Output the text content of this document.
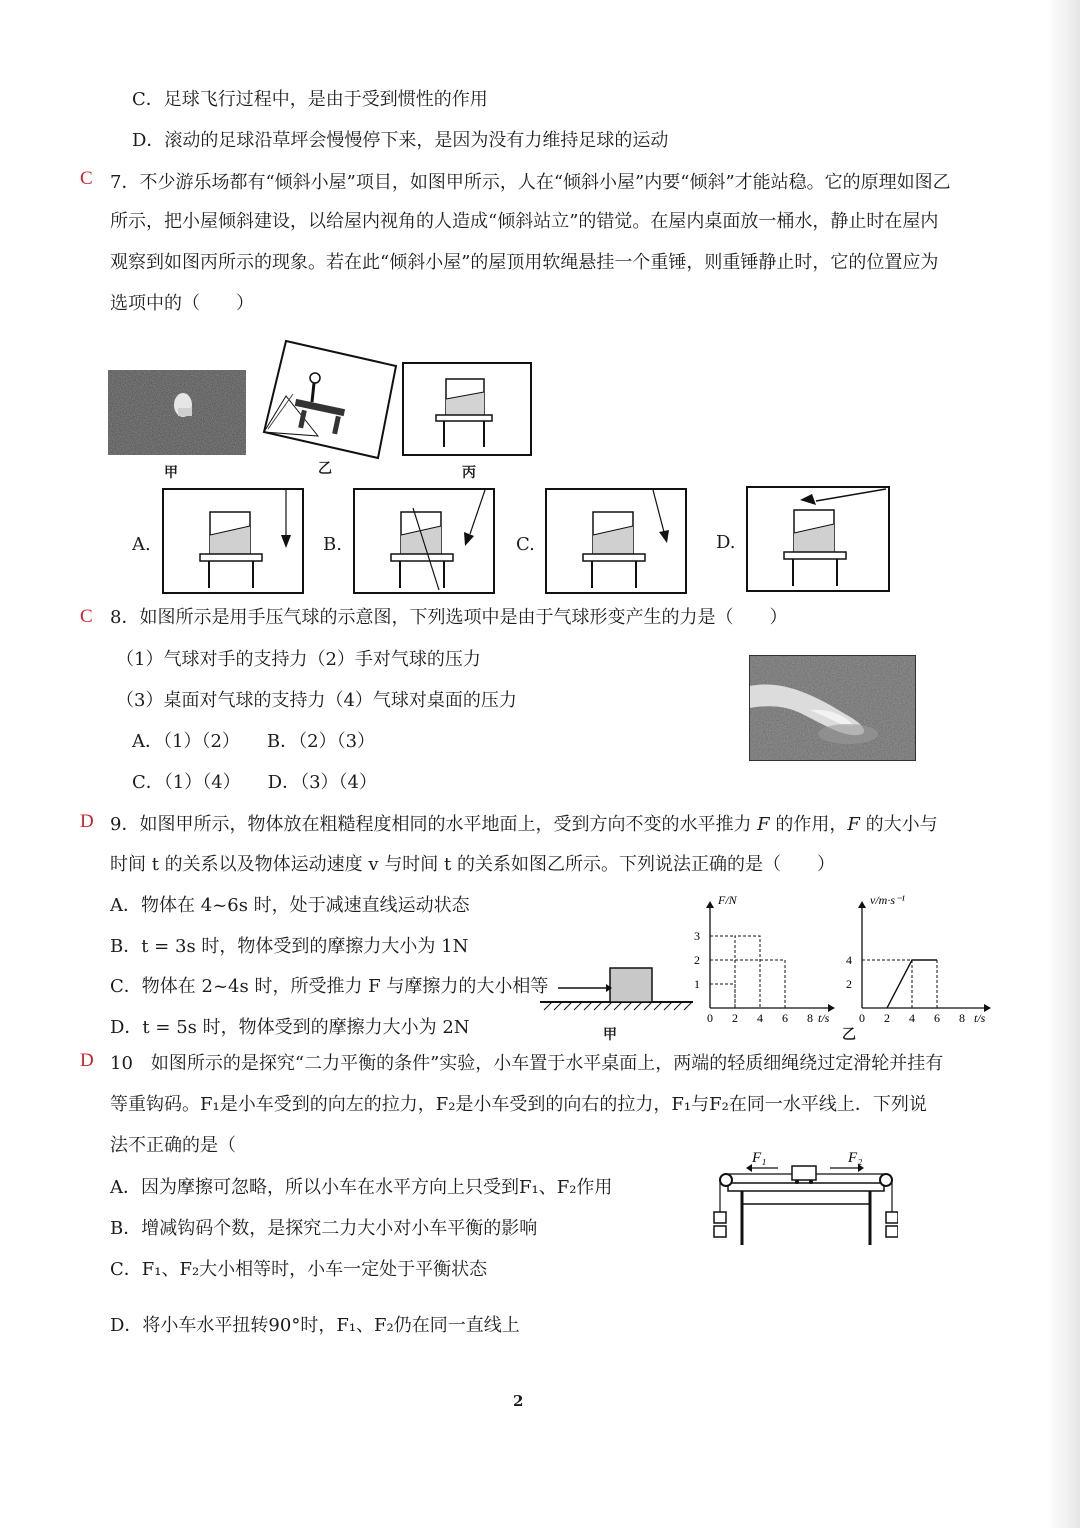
C．足球飞行过程中，是由于受到惯性的作用
D．滚动的足球沿草坪会慢慢停下来，是因为没有力维持足球的运动
C 7．不少游乐场都有“倾斜小屋”项目，如图甲所示，人在“倾斜小屋”内要“倾斜”才能站稳。它的原理如图乙
所示，把小屋倾斜建设，以给屋内视角的人造成“倾斜站立”的错觉。在屋内桌面放一桶水，静止时在屋内
观察到如图丙所示的现象。若在此“倾斜小屋”的屋顶用软绳悬挂一个重锤，则重锤静止时，它的位置应为
选项中的（　　）
甲	乙	丙
A.	B.	C.	D.
C 8．如图所示是用手压气球的示意图，下列选项中是由于气球形变产生的力是（　　）
（1）气球对手的支持力（2）手对气球的压力
（3）桌面对气球的支持力（4）气球对桌面的压力
A．（1）（2）　　B．（2）（3）
C．（1）（4）　　D．（3）（4）
D 9．如图甲所示，物体放在粗糙程度相同的水平地面上，受到方向不变的水平推力 F 的作用，F 的大小与
时间 t 的关系以及物体运动速度 v 与时间 t 的关系如图乙所示。下列说法正确的是（　　）
A．物体在 4~6s 时，处于减速直线运动状态
B．t = 3s 时，物体受到的摩擦力大小为 1N
C．物体在 2~4s 时，所受推力 F 与摩擦力的大小相等
D．t = 5s 时，物体受到的摩擦力大小为 2N	甲
F/N
t/s
1
2
3
0 2 4 6 8
v/m·s⁻¹
t/s
2
4
0 2 4 6 8
乙
D 10　如图所示的是探究“二力平衡的条件”实验，小车置于水平桌面上，两端的轻质细绳绕过定滑轮并挂有
等重钩码。F₁是小车受到的向左的拉力，F₂是小车受到的向右的拉力，F₁与F₂在同一水平线上．下列说
法不正确的是（
A．因为摩擦可忽略，所以小车在水平方向上只受到F₁、F₂作用
B．增减钩码个数，是探究二力大小对小车平衡的影响
C．F₁、F₂大小相等时，小车一定处于平衡状态
D．将小车水平扭转90°时，F₁、F₂仍在同一直线上
F₁	F₂
2
